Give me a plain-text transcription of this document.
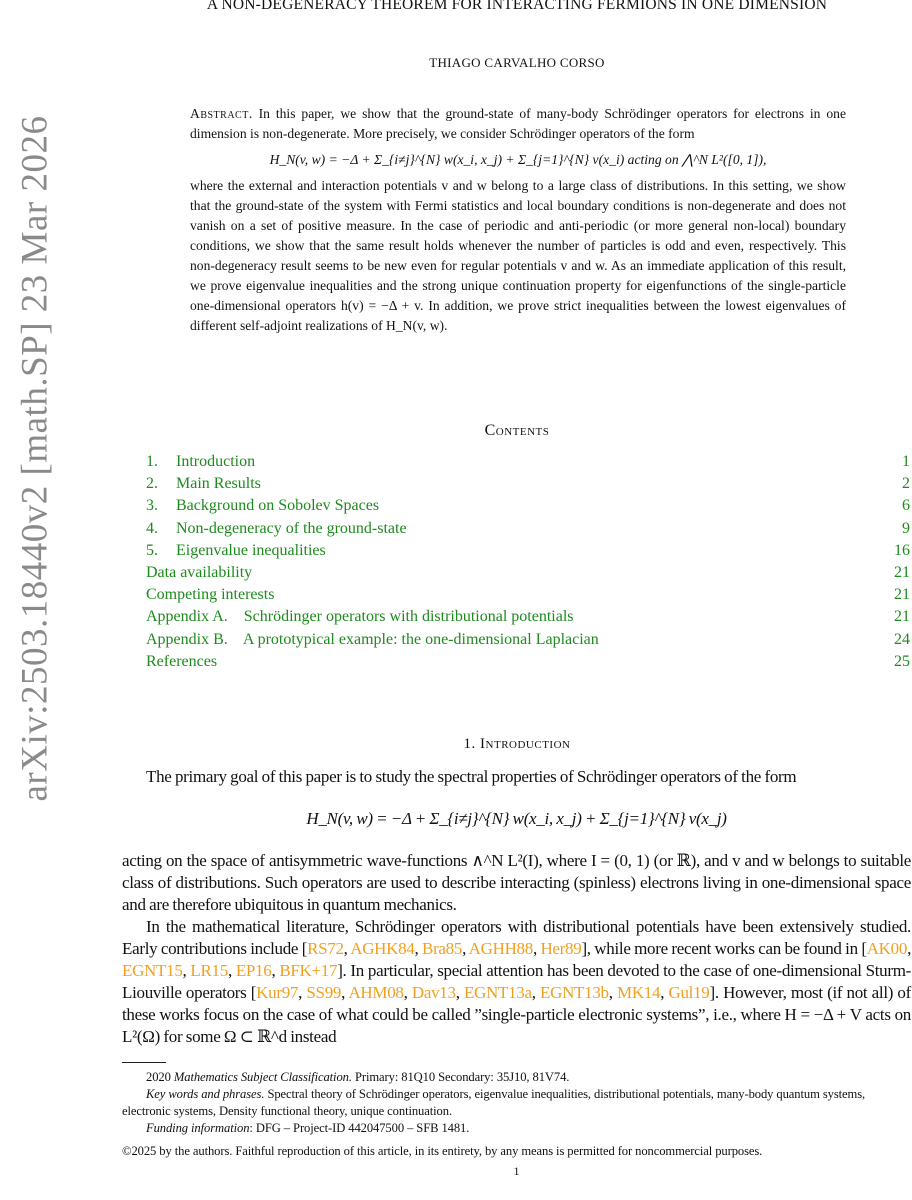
arXiv:2503.18440v2 [math.SP] 23 Mar 2026
A NON-DEGENERACY THEOREM FOR INTERACTING FERMIONS IN ONE DIMENSION
THIAGO CARVALHO CORSO
Abstract. In this paper, we show that the ground-state of many-body Schrödinger operators for electrons in one dimension is non-degenerate. More precisely, we consider Schrödinger operators of the form
H_N(v, w) = −Δ + Σ_{i≠j}^{N} w(x_i, x_j) + Σ_{j=1}^{N} v(x_i) acting on ⋀^N L²([0, 1]),
where the external and interaction potentials v and w belong to a large class of distributions. In this setting, we show that the ground-state of the system with Fermi statistics and local boundary conditions is non-degenerate and does not vanish on a set of positive measure. In the case of periodic and anti-periodic (or more general non-local) boundary conditions, we show that the same result holds whenever the number of particles is odd and even, respectively. This non-degeneracy result seems to be new even for regular potentials v and w. As an immediate application of this result, we prove eigenvalue inequalities and the strong unique continuation property for eigenfunctions of the single-particle one-dimensional operators h(v) = −Δ + v. In addition, we prove strict inequalities between the lowest eigenvalues of different self-adjoint realizations of H_N(v, w).
Contents
1. Introduction	1
2. Main Results	2
3. Background on Sobolev Spaces	6
4. Non-degeneracy of the ground-state	9
5. Eigenvalue inequalities	16
Data availability	21
Competing interests	21
Appendix A.    Schrödinger operators with distributional potentials	21
Appendix B.    A prototypical example: the one-dimensional Laplacian	24
References	25
1. Introduction

The primary goal of this paper is to study the spectral properties of Schrödinger operators of the form

H_N(v, w) = −Δ + Σ_{i≠j}^{N} w(x_i, x_j) + Σ_{j=1}^{N} v(x_j)

acting on the space of antisymmetric wave-functions ∧^N L²(I), where I = (0, 1) (or ℝ), and v and w belongs to suitable class of distributions. Such operators are used to describe interacting (spinless) electrons living in one-dimensional space and are therefore ubiquitous in quantum mechanics.

In the mathematical literature, Schrödinger operators with distributional potentials have been extensively studied. Early contributions include [RS72, AGHK84, Bra85, AGHH88, Her89], while more recent works can be found in [AK00, EGNT15, LR15, EP16, BFK+17]. In particular, special attention has been devoted to the case of one-dimensional Sturm-Liouville operators [Kur97, SS99, AHM08, Dav13, EGNT13a, EGNT13b, MK14, Gul19]. However, most (if not all) of these works focus on the case of what could be called ”single-particle electronic systems”, i.e., where H = −Δ + V acts on L²(Ω) for some Ω ⊂ ℝ^d instead

2020 Mathematics Subject Classification. Primary: 81Q10 Secondary: 35J10, 81V74.

Key words and phrases. Spectral theory of Schrödinger operators, eigenvalue inequalities, distributional potentials, many-body quantum systems, electronic systems, Density functional theory, unique continuation.

Funding information: DFG – Project-ID 442047500 – SFB 1481.

©2025 by the authors. Faithful reproduction of this article, in its entirety, by any means is permitted for noncommercial purposes.
1
